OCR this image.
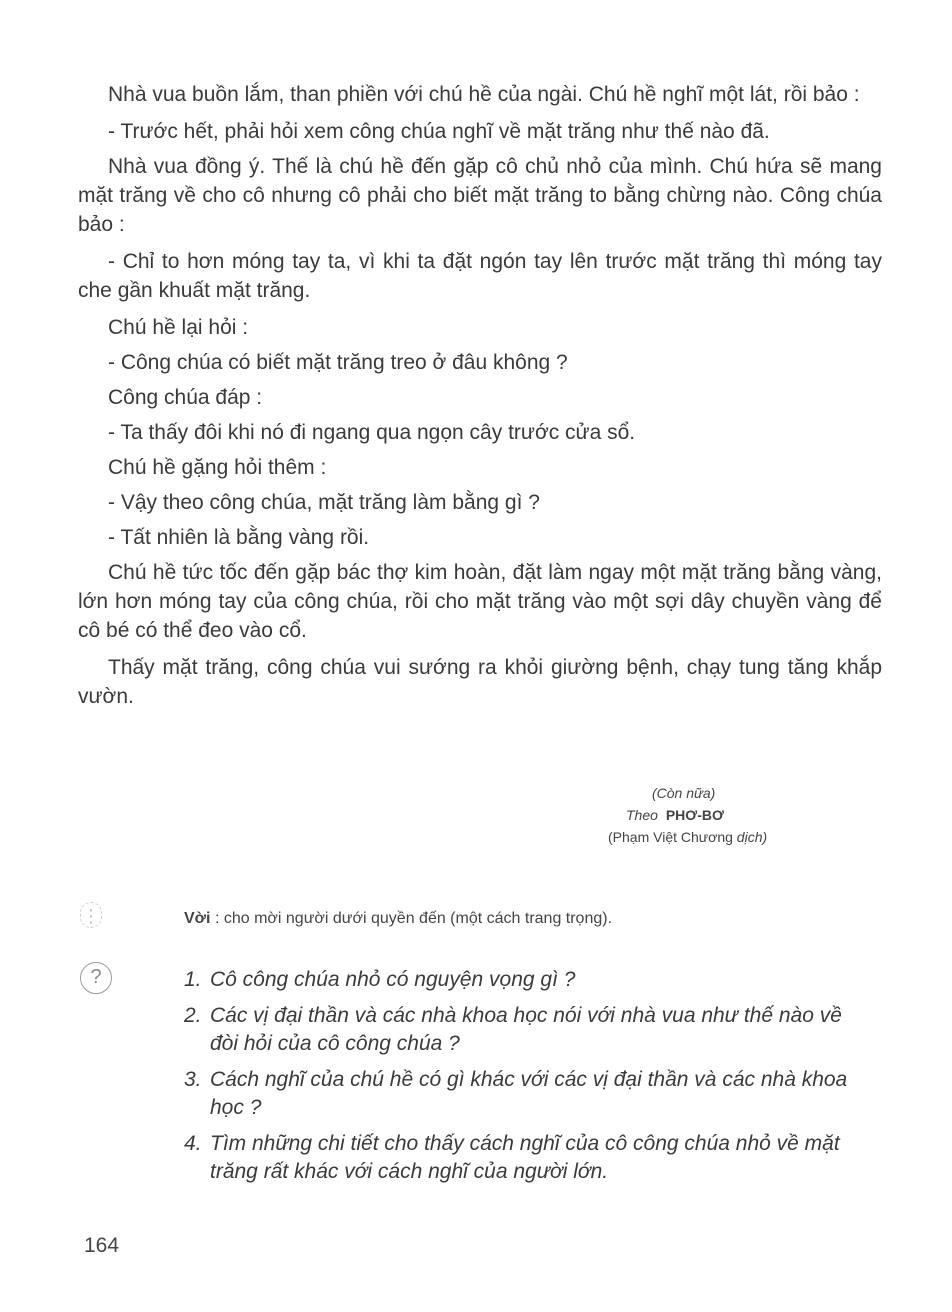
Nhà vua buồn lắm, than phiền với chú hề của ngài. Chú hề nghĩ một lát, rồi bảo :

- Trước hết, phải hỏi xem công chúa nghĩ về mặt trăng như thế nào đã.

Nhà vua đồng ý. Thế là chú hề đến gặp cô chủ nhỏ của mình. Chú hứa sẽ mang mặt trăng về cho cô nhưng cô phải cho biết mặt trăng to bằng chừng nào. Công chúa bảo :

- Chỉ to hơn móng tay ta, vì khi ta đặt ngón tay lên trước mặt trăng thì móng tay che gần khuất mặt trăng.

Chú hề lại hỏi :

- Công chúa có biết mặt trăng treo ở đâu không ?

Công chúa đáp :

- Ta thấy đôi khi nó đi ngang qua ngọn cây trước cửa sổ.

Chú hề gặng hỏi thêm :

- Vậy theo công chúa, mặt trăng làm bằng gì ?

- Tất nhiên là bằng vàng rồi.

Chú hề tức tốc đến gặp bác thợ kim hoàn, đặt làm ngay một mặt trăng bằng vàng, lớn hơn móng tay của công chúa, rồi cho mặt trăng vào một sợi dây chuyền vàng để cô bé có thể đeo vào cổ.

Thấy mặt trăng, công chúa vui sướng ra khỏi giường bệnh, chạy tung tăng khắp vườn.

(Còn nữa)
Theo PHƠ-BƠ
(Phạm Việt Chương dịch)
⋮	Vời : cho mời người dưới quyền đến (một cách trang trọng).
?	1. Cô công chúa nhỏ có nguyện vọng gì ?
2. Các vị đại thần và các nhà khoa học nói với nhà vua như thế nào về đòi hỏi của cô công chúa ?
3. Cách nghĩ của chú hề có gì khác với các vị đại thần và các nhà khoa học ?
4. Tìm những chi tiết cho thấy cách nghĩ của cô công chúa nhỏ về mặt trăng rất khác với cách nghĩ của người lớn.
164
